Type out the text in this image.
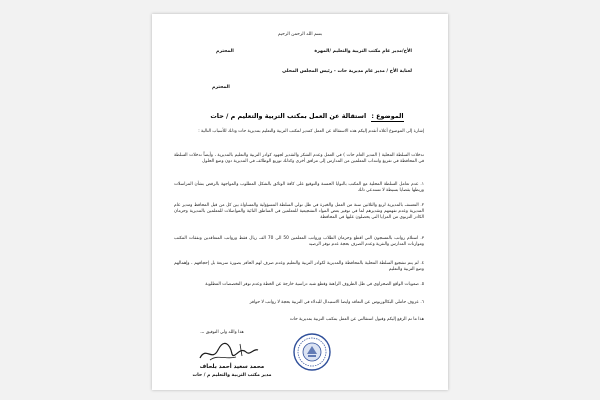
بسم الله الرحمن الرحيم
الأخ/مدير عام مكتب التربية والتعليم /المهرة
المحترم
لعناية الأخ / مدير عام مديرية حات - رئيس المجلس المحلي
المحترم
الموضوع : استقالة عن العمل بمكتب التربية والتعليم م / حات
إشارة إلى الموضوع أعلاه أتقدم إليكم هذه الاستقالة عن العمل كمدير لمكتب التربية والتعليم بمديرية حات وذلك للأسباب التالية :
تدخلات السلطة المحلية ( المدير العام حات ) في العمل وعدم الشكر والتقدير لجهود كوادر التربية والتعليم بالمديرية ، وأيضاً تدخلات السلطة في المحافظة في تفريغ وانتداب المعلمين من المدارس إلى مرافق أخرى وكذلك توزيع الوظائف في المديرية دون وضع الحلول
١. عدم تعامل السلطة المحلية مع المكتب بالنوايا الحسنة والتوقيع على كافة الوثائق بالشكل المطلوب والمواجهة بالرفض بشأن المراسلات وربطها بقضايا بسيطة لا تستدعي ذلك
٢. التعسف بالمديرية لربع والثلاثين سنة من العمل والخبرة في ظل تولي السلطة المسؤولية والمساواة بين كل من قبل المحافظ ومدير عام المديرية وعدم تفهمهم وتقديرهم لما في توفير بعض المواد التشجيعية للمعلمين في المناطق النائية والمواصلات للمعلمين بالمديرية وحرمان الكادر التربوي من المزايا التي يحصلون عليها في المحافظة
٣. استلام رواتب بالمسجون التي اقطع وحرمان الطلاب ورواتب المعلمين 50 الى 70 الف ريال فقط ورواتب المتعاقدين ونفقات المكتب وموازنات المدارس والنثرية وعدم الصرف بحجة عدم توفر الرصيد
٤. لم يتم تشجيع السلطة المحلية بالمحافظة والمديرية لكوادر التربية والتعليم وعدم صرف لهم الحافز بصورة سريعة بل إحجافهم ، وإهمالهم وضع التربية والتعليم
٥. صعوبات الواقع الصحراوي في ظل الظروف الراهنة وقطع شبه دراسية خارجة عن الخطة وعدم توفر التخصصات المطلوبة
٦. عزوف حاملي البكالوريوس عن التعاقد وايضا الاستبدال للبدلاء في التربية بحجة لا رواتب لا حوافز
هذا ما تم الرفع إليكم وقبول استقالتي عن العمل بمكتب التربية بمديرية حات
هذا والله ولي التوفيق ،،،
محمد سعيد أحمد بلحاف
مدير مكتب التربية والتعليم م / حات
